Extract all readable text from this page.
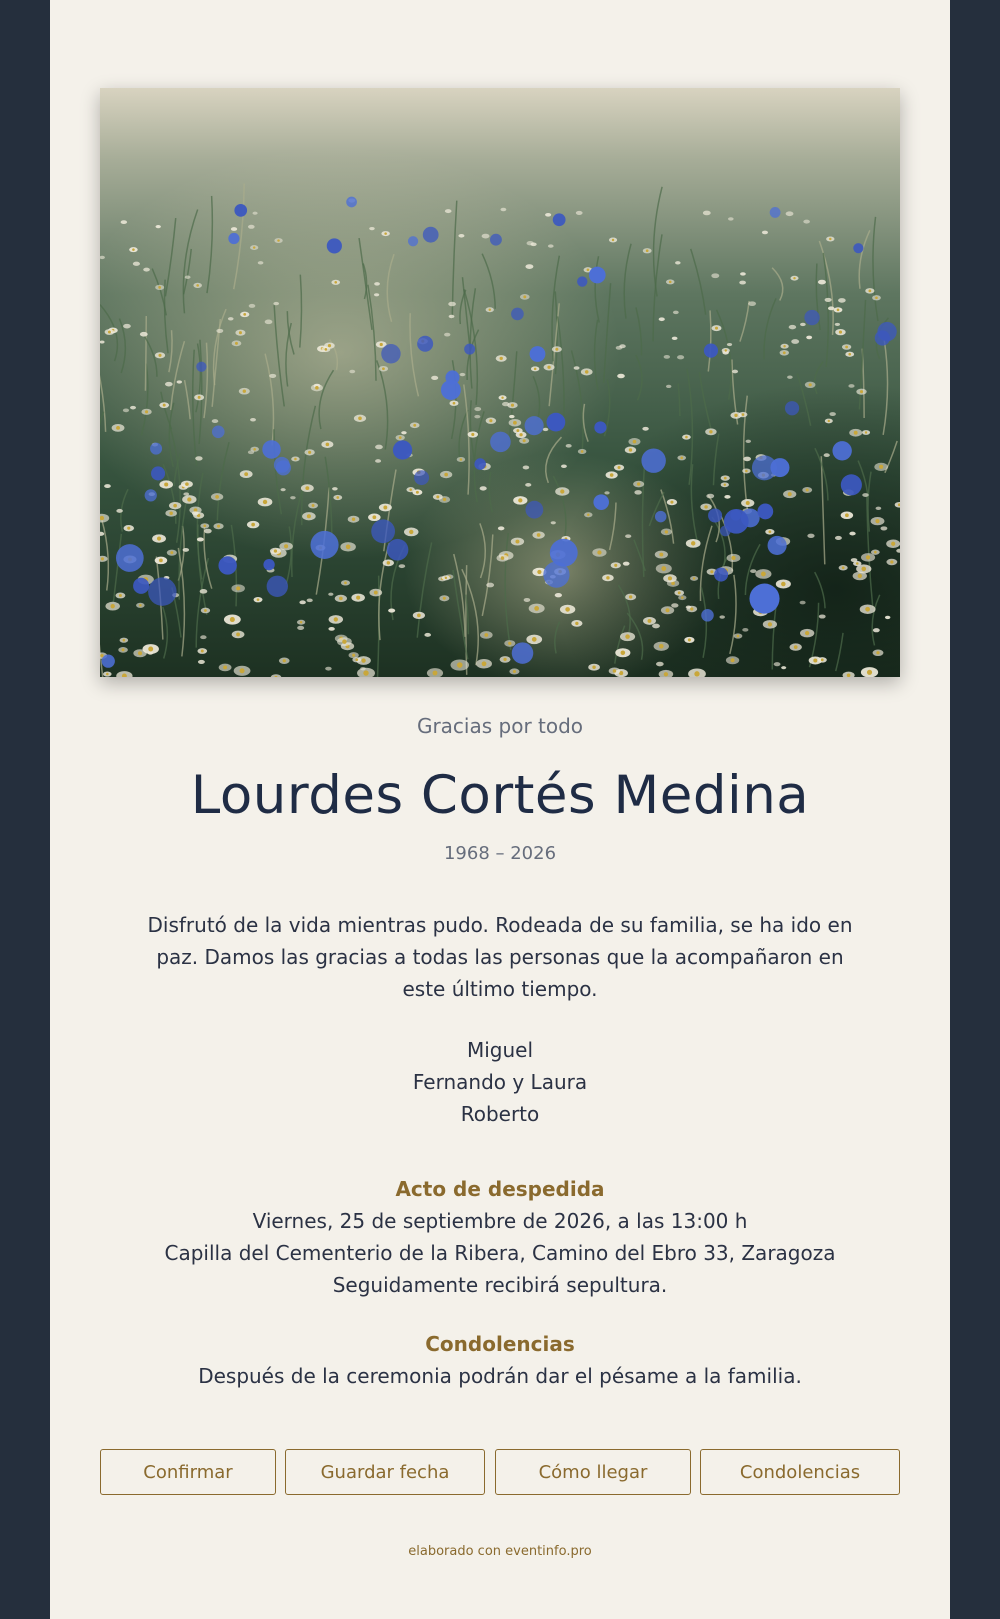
Gracias por todo
Lourdes Cortés Medina
1968 – 2026

Disfrutó de la vida mientras pudo. Rodeada de su familia, se ha ido en paz. Damos las gracias a todas las personas que la acompañaron en este último tiempo.

Miguel
Fernando y Laura
Roberto
Acto de despedida
Viernes, 25 de septiembre de 2026, a las 13:00 h
Capilla del Cementerio de la Ribera, Camino del Ebro 33, Zaragoza
Seguidamente recibirá sepultura.
Condolencias
Después de la ceremonia podrán dar el pésame a la familia.
Confirmar	Guardar fecha	Cómo llegar	Condolencias
elaborado con eventinfo.pro
